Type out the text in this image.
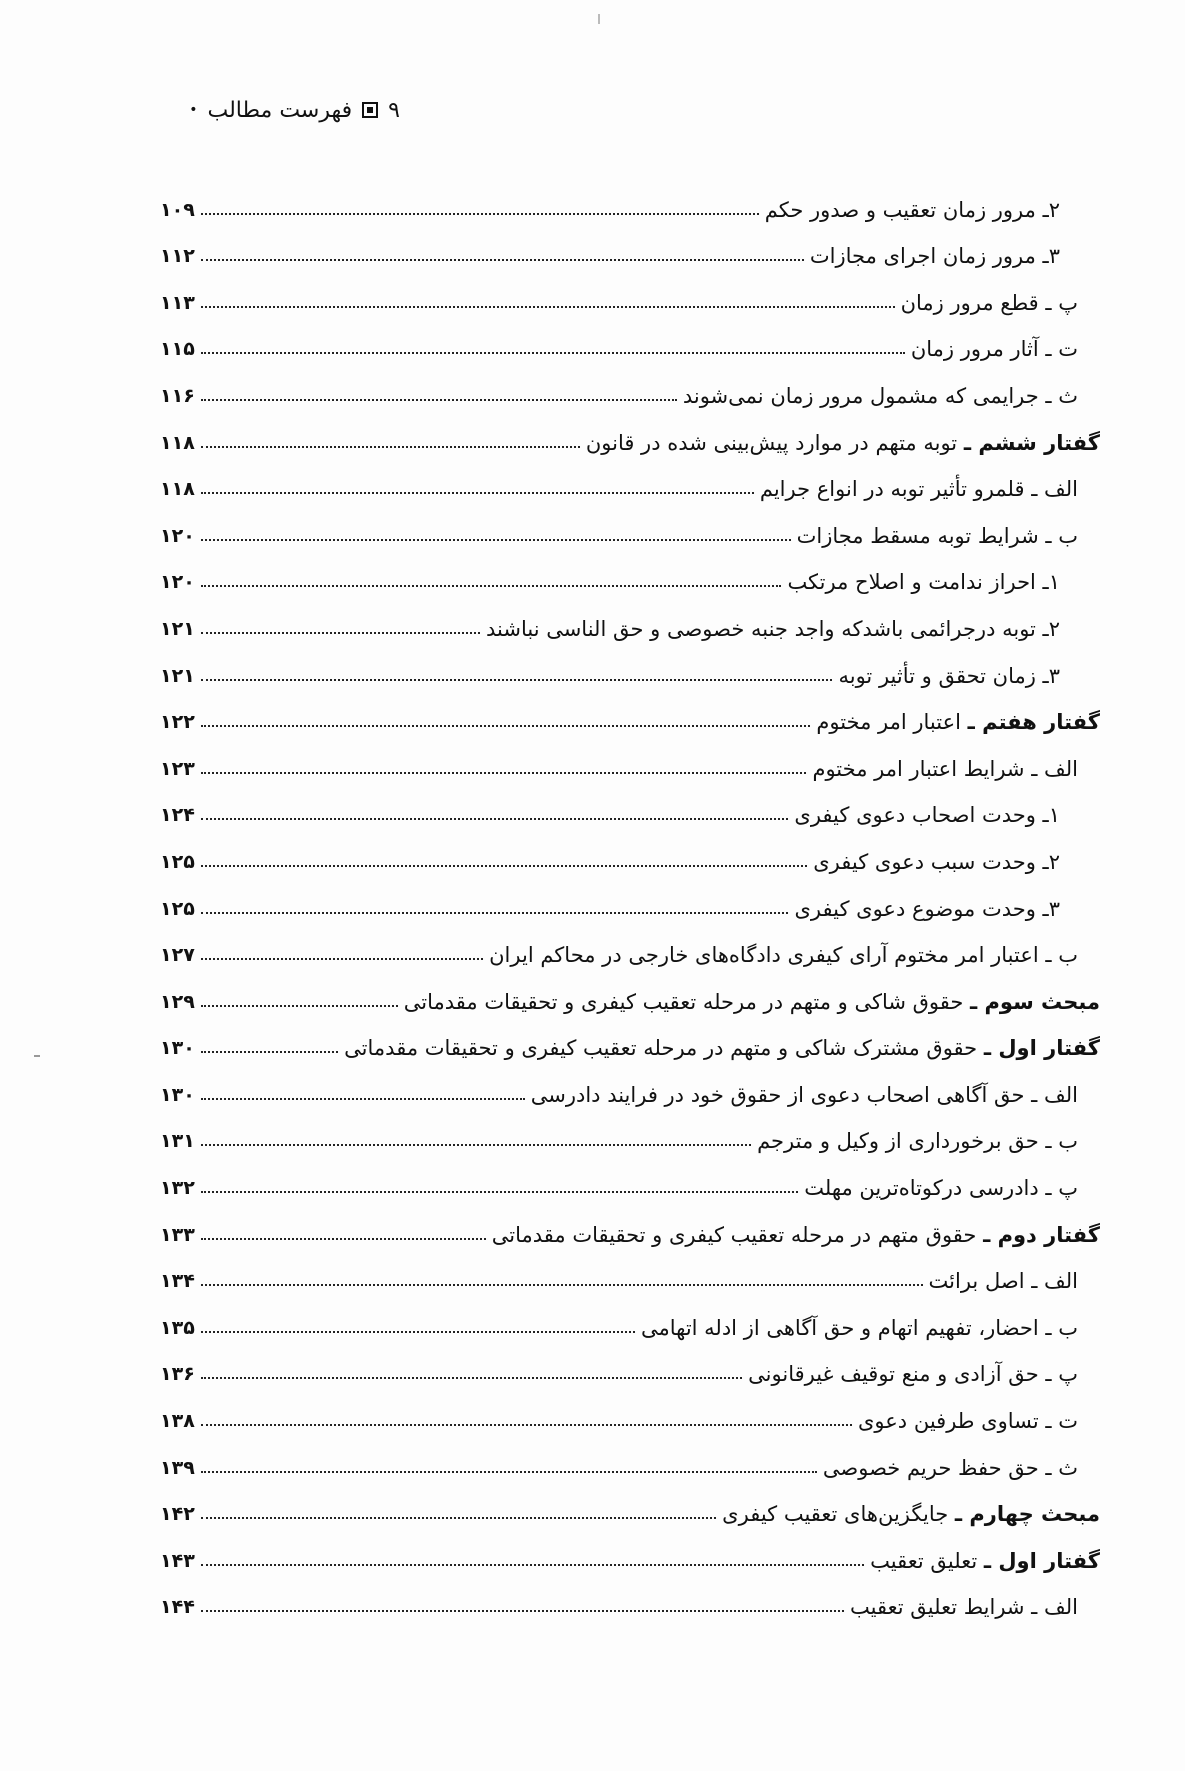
۹
فهرست مطالب
•
۱۰۹	۲ـ مرور زمان تعقیب و صدور حکم
۱۱۲	۳ـ مرور زمان اجرای مجازات
۱۱۳	پ ـ قطع مرور زمان
۱۱۵	ت ـ آثار مرور زمان
۱۱۶	ث ـ جرایمی که مشمول مرور زمان نمی‌شوند
۱۱۸	گفتار ششم ـ توبه متهم در موارد پیش‌بینی شده در قانون
۱۱۸	الف ـ قلمرو تأثیر توبه در انواع جرایم
۱۲۰	ب ـ شرایط توبه مسقط مجازات
۱۲۰	۱ـ احراز ندامت و اصلاح مرتکب
۱۲۱	۲ـ توبه درجرائمی باشدکه واجد جنبه خصوصی و حق الناسی نباشند
۱۲۱	۳ـ زمان تحقق و تأثیر توبه
۱۲۲	گفتار هفتم ـ اعتبار امر مختوم
۱۲۳	الف ـ شرایط اعتبار امر مختوم
۱۲۴	۱ـ وحدت اصحاب دعوی کیفری
۱۲۵	۲ـ وحدت سبب دعوی کیفری
۱۲۵	۳ـ وحدت موضوع دعوی کیفری
۱۲۷	ب ـ اعتبار امر مختوم آرای کیفری دادگاه‌های خارجی در محاکم ایران
۱۲۹	مبحث سوم ـ حقوق شاکی و متهم در مرحله تعقیب کیفری و تحقیقات مقدماتی
۱۳۰	گفتار اول ـ حقوق مشترک شاکی و متهم در مرحله تعقیب کیفری و تحقیقات مقدماتی
۱۳۰	الف ـ حق آگاهی اصحاب دعوی از حقوق خود در فرایند دادرسی
۱۳۱	ب ـ حق برخورداری از وکیل و مترجم
۱۳۲	پ ـ دادرسی درکوتاه‌ترین مهلت
۱۳۳	گفتار دوم ـ حقوق متهم در مرحله تعقیب کیفری و تحقیقات مقدماتی
۱۳۴	الف ـ اصل برائت
۱۳۵	ب ـ احضار، تفهیم اتهام و حق آگاهی از ادله اتهامی
۱۳۶	پ ـ حق آزادی و منع توقیف غیرقانونی
۱۳۸	ت ـ تساوی طرفین دعوی
۱۳۹	ث ـ حق حفظ حریم خصوصی
۱۴۲	مبحث چهارم ـ جایگزین‌های تعقیب کیفری
۱۴۳	گفتار اول ـ تعلیق تعقیب
۱۴۴	الف ـ شرایط تعلیق تعقیب
